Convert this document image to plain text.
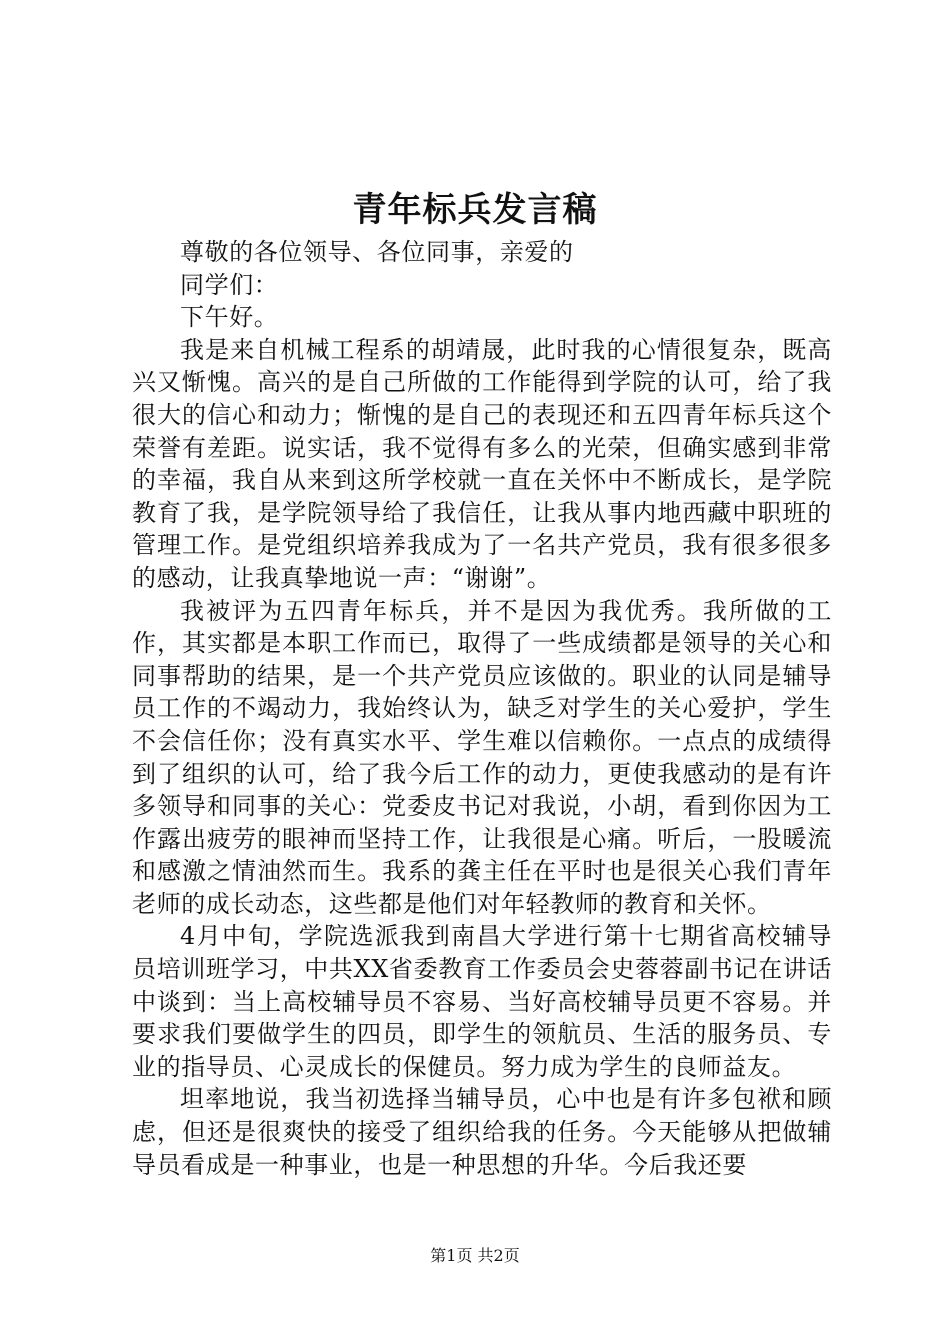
青年标兵发言稿

尊敬的各位领导、各位同事，亲爱的

同学们：

下午好。

我是来自机械工程系的胡靖晟，此时我的心情很复杂，既高兴又惭愧。高兴的是自己所做的工作能得到学院的认可，给了我很大的信心和动力；惭愧的是自己的表现还和五四青年标兵这个荣誉有差距。说实话，我不觉得有多么的光荣，但确实感到非常的幸福，我自从来到这所学校就一直在关怀中不断成长，是学院教育了我，是学院领导给了我信任，让我从事内地西藏中职班的管理工作。是党组织培养我成为了一名共产党员，我有很多很多的感动，让我真挚地说一声：“谢谢”。

我被评为五四青年标兵，并不是因为我优秀。我所做的工作，其实都是本职工作而已，取得了一些成绩都是领导的关心和同事帮助的结果，是一个共产党员应该做的。职业的认同是辅导员工作的不竭动力，我始终认为，缺乏对学生的关心爱护，学生不会信任你；没有真实水平、学生难以信赖你。一点点的成绩得到了组织的认可，给了我今后工作的动力，更使我感动的是有许多领导和同事的关心：党委皮书记对我说，小胡，看到你因为工作露出疲劳的眼神而坚持工作，让我很是心痛。听后，一股暖流和感激之情油然而生。我系的龚主任在平时也是很关心我们青年老师的成长动态，这些都是他们对年轻教师的教育和关怀。

4月中旬，学院选派我到南昌大学进行第十七期省高校辅导员培训班学习，中共XX省委教育工作委员会史蓉蓉副书记在讲话中谈到：当上高校辅导员不容易、当好高校辅导员更不容易。并要求我们要做学生的四员，即学生的领航员、生活的服务员、专业的指导员、心灵成长的保健员。努力成为学生的良师益友。

坦率地说，我当初选择当辅导员，心中也是有许多包袱和顾虑，但还是很爽快的接受了组织给我的任务。今天能够从把做辅导员看成是一种事业，也是一种思想的升华。今后我还要

第1页 共2页
